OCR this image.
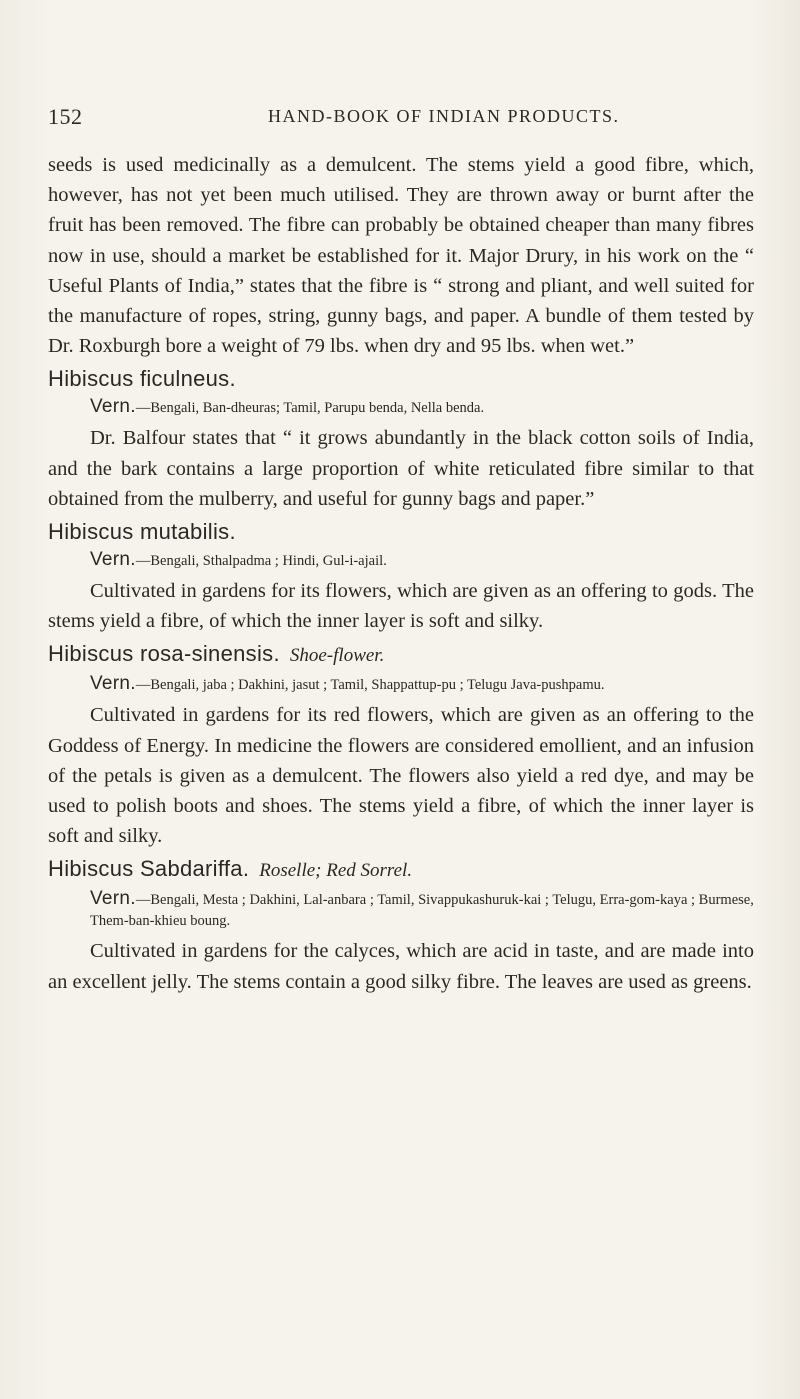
152	HAND-BOOK OF INDIAN PRODUCTS.

seeds is used medicinally as a demulcent. The stems yield a good fibre, which, however, has not yet been much utilised. They are thrown away or burnt after the fruit has been removed. The fibre can probably be obtained cheaper than many fibres now in use, should a market be established for it. Major Drury, in his work on the “ Useful Plants of India,” states that the fibre is “ strong and pliant, and well suited for the manufacture of ropes, string, gunny bags, and paper. A bundle of them tested by Dr. Roxburgh bore a weight of 79 lbs. when dry and 95 lbs. when wet.”

Hibiscus ficulneus.
Vern.—Bengali, Ban-dheuras; Tamil, Parupu benda, Nella benda.

Dr. Balfour states that “ it grows abundantly in the black cotton soils of India, and the bark contains a large proportion of white reticulated fibre similar to that obtained from the mulberry, and useful for gunny bags and paper.”

Hibiscus mutabilis.
Vern.—Bengali, Sthalpadma ; Hindi, Gul-i-ajail.

Cultivated in gardens for its flowers, which are given as an offering to gods. The stems yield a fibre, of which the inner layer is soft and silky.

Hibiscus rosa-sinensis. Shoe-flower.
Vern.—Bengali, jaba ; Dakhini, jasut ; Tamil, Shappattup-pu ; Telugu Java-pushpamu.

Cultivated in gardens for its red flowers, which are given as an offering to the Goddess of Energy. In medicine the flowers are considered emollient, and an infusion of the petals is given as a demulcent. The flowers also yield a red dye, and may be used to polish boots and shoes. The stems yield a fibre, of which the inner layer is soft and silky.

Hibiscus Sabdariffa. Roselle; Red Sorrel.
Vern.—Bengali, Mesta ; Dakhini, Lal-anbara ; Tamil, Sivappukashuruk-kai ; Telugu, Erra-gom-kaya ; Burmese, Them-ban-khieu boung.

Cultivated in gardens for the calyces, which are acid in taste, and are made into an excellent jelly. The stems contain a good silky fibre. The leaves are used as greens.
